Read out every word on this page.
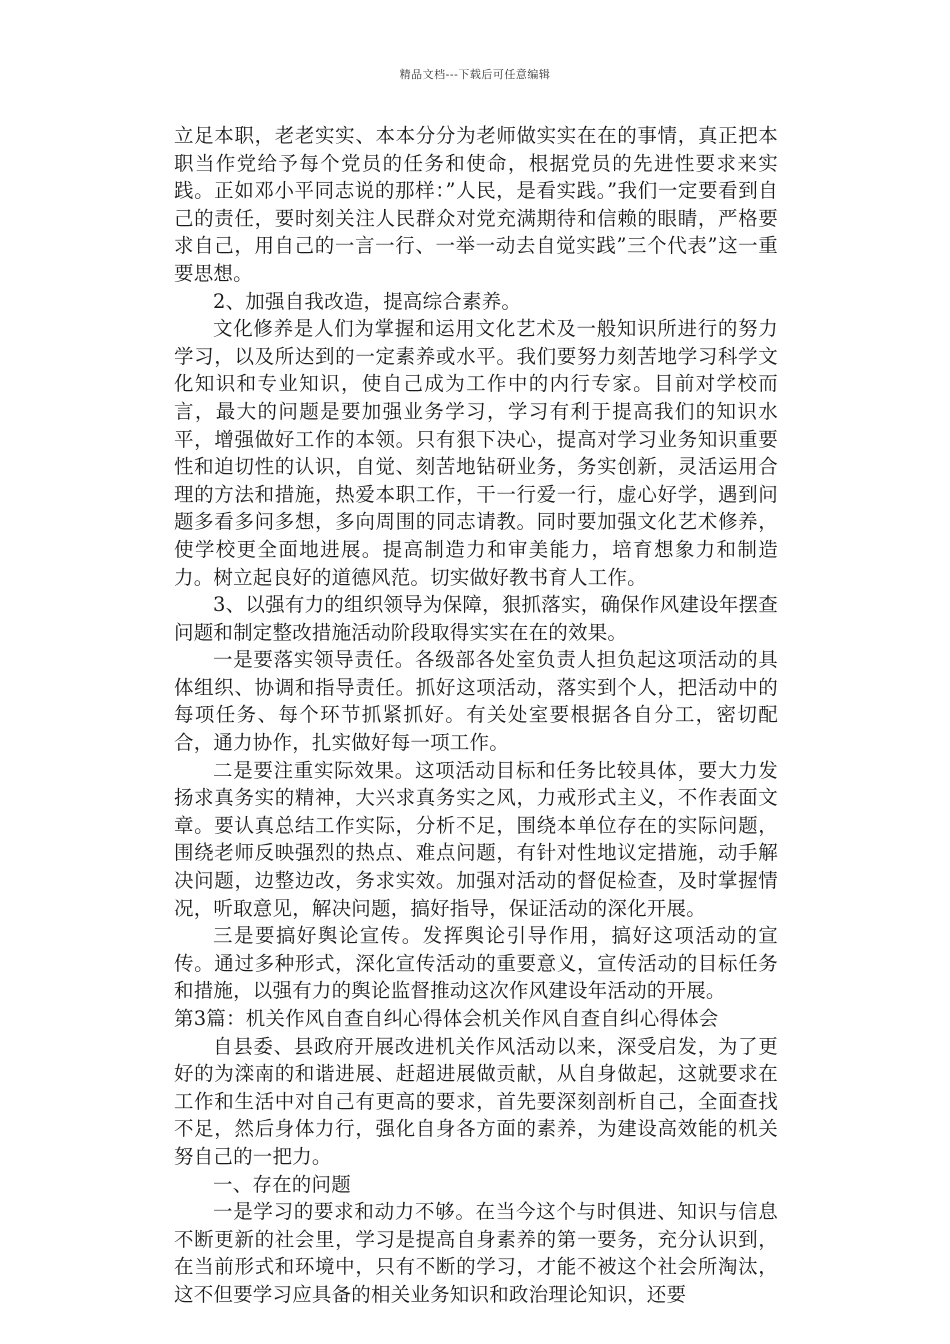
精品文档---下载后可任意编辑

立足本职，老老实实、本本分分为老师做实实在在的事情，真正把本职当作党给予每个党员的任务和使命，根据党员的先进性要求来实践。正如邓小平同志说的那样：”人民，是看实践。”我们一定要看到自己的责任，要时刻关注人民群众对党充满期待和信赖的眼睛，严格要求自己，用自己的一言一行、一举一动去自觉实践”三个代表”这一重要思想。

2、加强自我改造，提高综合素养。

文化修养是人们为掌握和运用文化艺术及一般知识所进行的努力学习，以及所达到的一定素养或水平。我们要努力刻苦地学习科学文化知识和专业知识，使自己成为工作中的内行专家。目前对学校而言，最大的问题是要加强业务学习，学习有利于提高我们的知识水平，增强做好工作的本领。只有狠下决心，提高对学习业务知识重要性和迫切性的认识，自觉、刻苦地钻研业务，务实创新，灵活运用合理的方法和措施，热爱本职工作，干一行爱一行，虚心好学，遇到问题多看多问多想，多向周围的同志请教。同时要加强文化艺术修养，使学校更全面地进展。提高制造力和审美能力，培育想象力和制造力。树立起良好的道德风范。切实做好教书育人工作。

3、以强有力的组织领导为保障，狠抓落实，确保作风建设年摆查问题和制定整改措施活动阶段取得实实在在的效果。

一是要落实领导责任。各级部各处室负责人担负起这项活动的具体组织、协调和指导责任。抓好这项活动，落实到个人，把活动中的每项任务、每个环节抓紧抓好。有关处室要根据各自分工，密切配合，通力协作，扎实做好每一项工作。

二是要注重实际效果。这项活动目标和任务比较具体，要大力发扬求真务实的精神，大兴求真务实之风，力戒形式主义，不作表面文章。要认真总结工作实际，分析不足，围绕本单位存在的实际问题，围绕老师反映强烈的热点、难点问题，有针对性地议定措施，动手解决问题，边整边改，务求实效。加强对活动的督促检查，及时掌握情况，听取意见，解决问题，搞好指导，保证活动的深化开展。

三是要搞好舆论宣传。发挥舆论引导作用，搞好这项活动的宣传。通过多种形式，深化宣传活动的重要意义，宣传活动的目标任务和措施，以强有力的舆论监督推动这次作风建设年活动的开展。

第3篇：机关作风自查自纠心得体会机关作风自查自纠心得体会

自县委、县政府开展改进机关作风活动以来，深受启发，为了更好的为滦南的和谐进展、赶超进展做贡献，从自身做起，这就要求在工作和生活中对自己有更高的要求，首先要深刻剖析自己，全面查找不足，然后身体力行，强化自身各方面的素养，为建设高效能的机关努自己的一把力。

一、存在的问题

一是学习的要求和动力不够。在当今这个与时俱进、知识与信息不断更新的社会里，学习是提高自身素养的第一要务，充分认识到，在当前形式和环境中，只有不断的学习，才能不被这个社会所淘汰，这不但要学习应具备的相关业务知识和政治理论知识，还要
